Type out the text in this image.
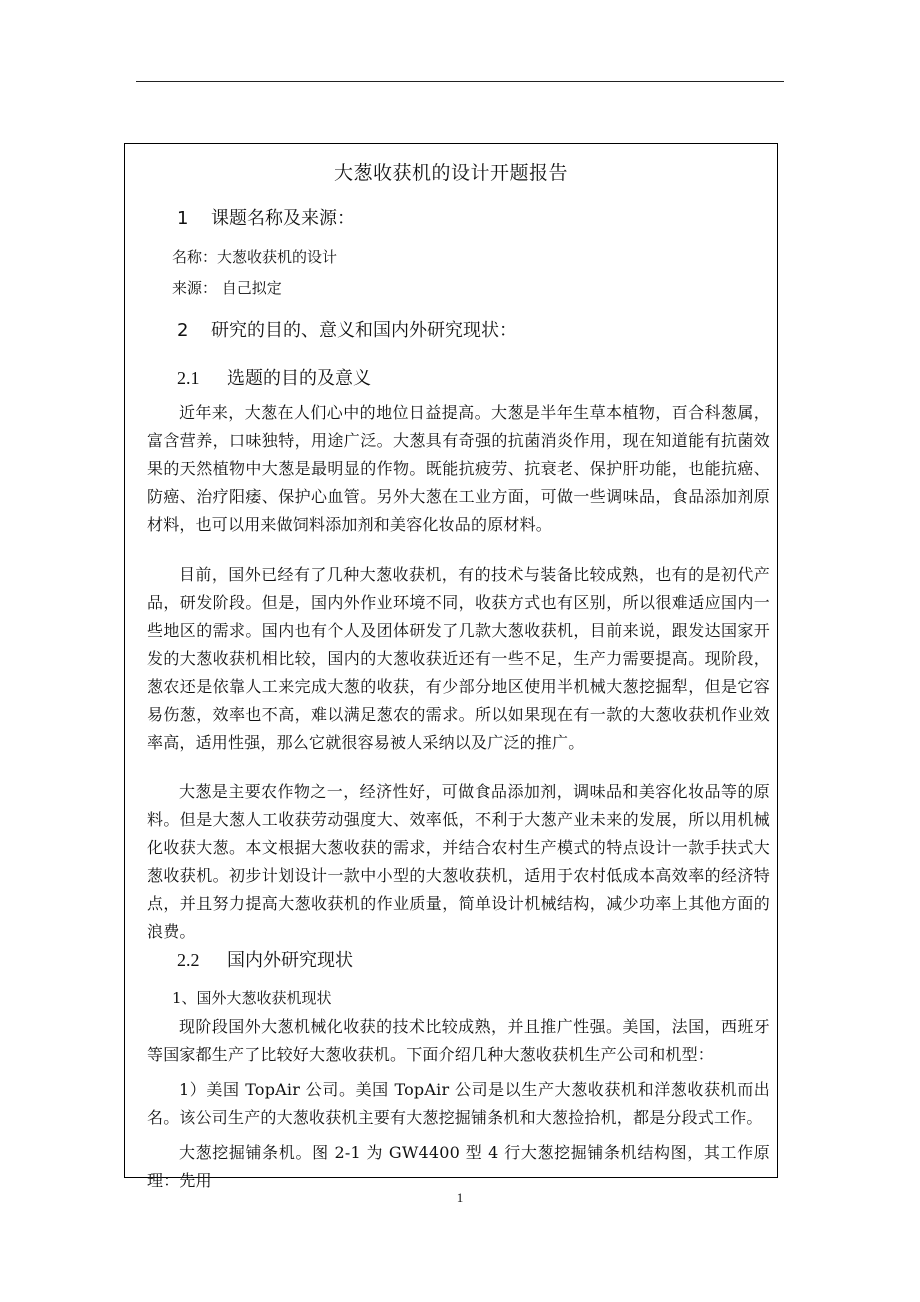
大葱收获机的设计开题报告
1 课题名称及来源：
名称：大葱收获机的设计
来源： 自己拟定
2 研究的目的、意义和国内外研究现状：
2.1 选题的目的及意义
近年来，大葱在人们心中的地位日益提高。大葱是半年生草本植物，百合科葱属，富含营养，口味独特，用途广泛。大葱具有奇强的抗菌消炎作用，现在知道能有抗菌效果的天然植物中大葱是最明显的作物。既能抗疲劳、抗衰老、保护肝功能，也能抗癌、防癌、治疗阳痿、保护心血管。另外大葱在工业方面，可做一些调味品，食品添加剂原材料，也可以用来做饲料添加剂和美容化妆品的原材料。
目前，国外已经有了几种大葱收获机，有的技术与装备比较成熟，也有的是初代产品，研发阶段。但是，国内外作业环境不同，收获方式也有区别，所以很难适应国内一些地区的需求。国内也有个人及团体研发了几款大葱收获机，目前来说，跟发达国家开发的大葱收获机相比较，国内的大葱收获近还有一些不足，生产力需要提高。现阶段，葱农还是依靠人工来完成大葱的收获，有少部分地区使用半机械大葱挖掘犁，但是它容易伤葱，效率也不高，难以满足葱农的需求。所以如果现在有一款的大葱收获机作业效率高，适用性强，那么它就很容易被人采纳以及广泛的推广。
大葱是主要农作物之一，经济性好，可做食品添加剂，调味品和美容化妆品等的原料。但是大葱人工收获劳动强度大、效率低，不利于大葱产业未来的发展，所以用机械化收获大葱。本文根据大葱收获的需求，并结合农村生产模式的特点设计一款手扶式大葱收获机。初步计划设计一款中小型的大葱收获机，适用于农村低成本高效率的经济特点，并且努力提高大葱收获机的作业质量，简单设计机械结构，减少功率上其他方面的浪费。
2.2 国内外研究现状
1、国外大葱收获机现状
现阶段国外大葱机械化收获的技术比较成熟，并且推广性强。美国，法国，西班牙等国家都生产了比较好大葱收获机。下面介绍几种大葱收获机生产公司和机型：
1）美国 TopAir 公司。美国 TopAir 公司是以生产大葱收获机和洋葱收获机而出名。该公司生产的大葱收获机主要有大葱挖掘铺条机和大葱捡拾机，都是分段式工作。
大葱挖掘铺条机。图 2-1 为 GW4400 型 4 行大葱挖掘铺条机结构图，其工作原理：先用
1
